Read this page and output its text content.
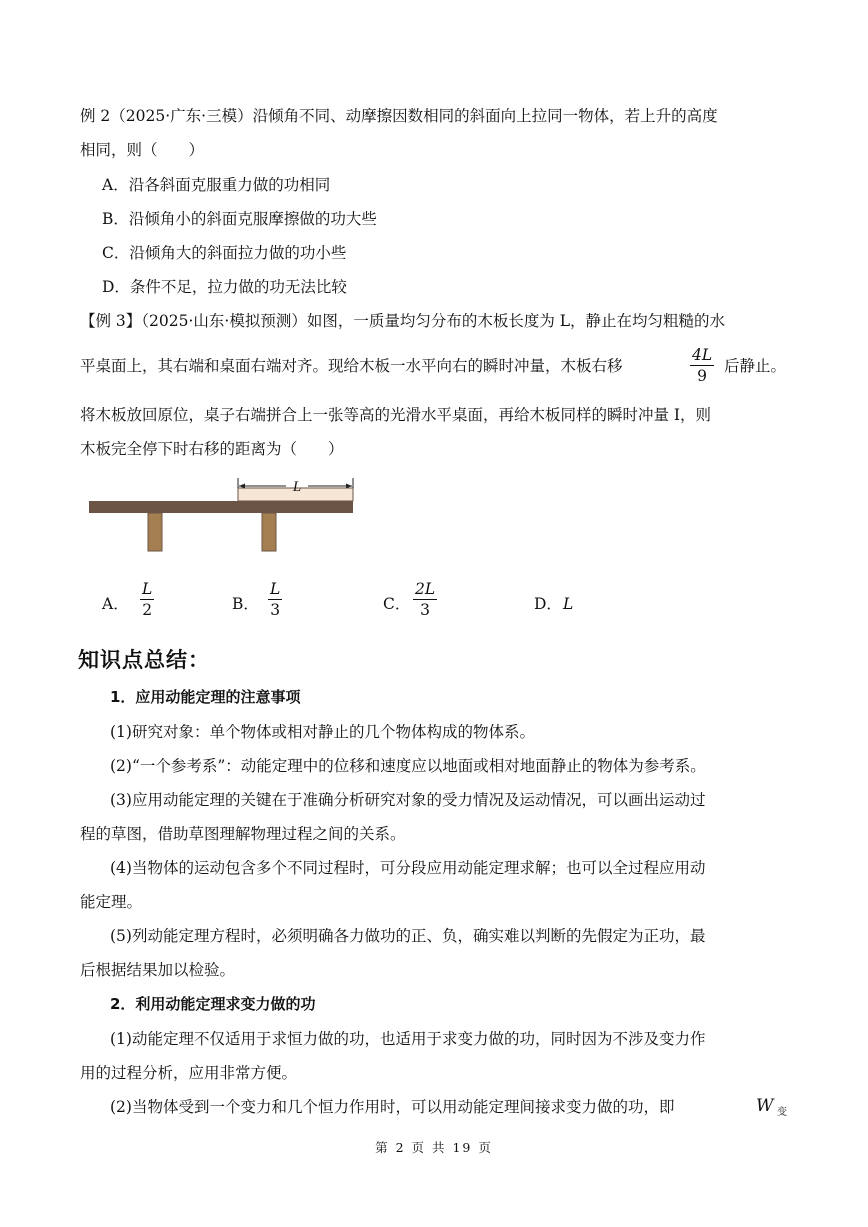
例 2（2025·广东·三模）沿倾角不同、动摩擦因数相同的斜面向上拉同一物体，若上升的高度
相同，则（　　）
A．沿各斜面克服重力做的功相同
B．沿倾角小的斜面克服摩擦做的功大些
C．沿倾角大的斜面拉力做的功小些
D．条件不足，拉力做的功无法比较
【例 3】（2025·山东·模拟预测）如图，一质量均匀分布的木板长度为 L，静止在均匀粗糙的水
平桌面上，其右端和桌面右端对齐。现给木板一水平向右的瞬时冲量，木板右移	$\frac{4L}{9}$ 后静止。
将木板放回原位，桌子右端拼合上一张等高的光滑水平桌面，再给木板同样的瞬时冲量 I，则
木板完全停下时右移的距离为（　　）
L
A． $\frac{L}{2}$	B． $\frac{L}{3}$	C． $\frac{2L}{3}$	D． L
知识点总结：
1．应用动能定理的注意事项
(1)研究对象：单个物体或相对静止的几个物体构成的物体系。
(2)“一个参考系”：动能定理中的位移和速度应以地面或相对地面静止的物体为参考系。
(3)应用动能定理的关键在于准确分析研究对象的受力情况及运动情况，可以画出运动过
程的草图，借助草图理解物理过程之间的关系。
(4)当物体的运动包含多个不同过程时，可分段应用动能定理求解；也可以全过程应用动
能定理。
(5)列动能定理方程时，必须明确各力做功的正、负，确实难以判断的先假定为正功，最
后根据结果加以检验。
2．利用动能定理求变力做的功
(1)动能定理不仅适用于求恒力做的功，也适用于求变力做的功，同时因为不涉及变力作
用的过程分析，应用非常方便。
(2)当物体受到一个变力和几个恒力作用时，可以用动能定理间接求变力做的功，即	W 变
第 2 页 共 19 页
